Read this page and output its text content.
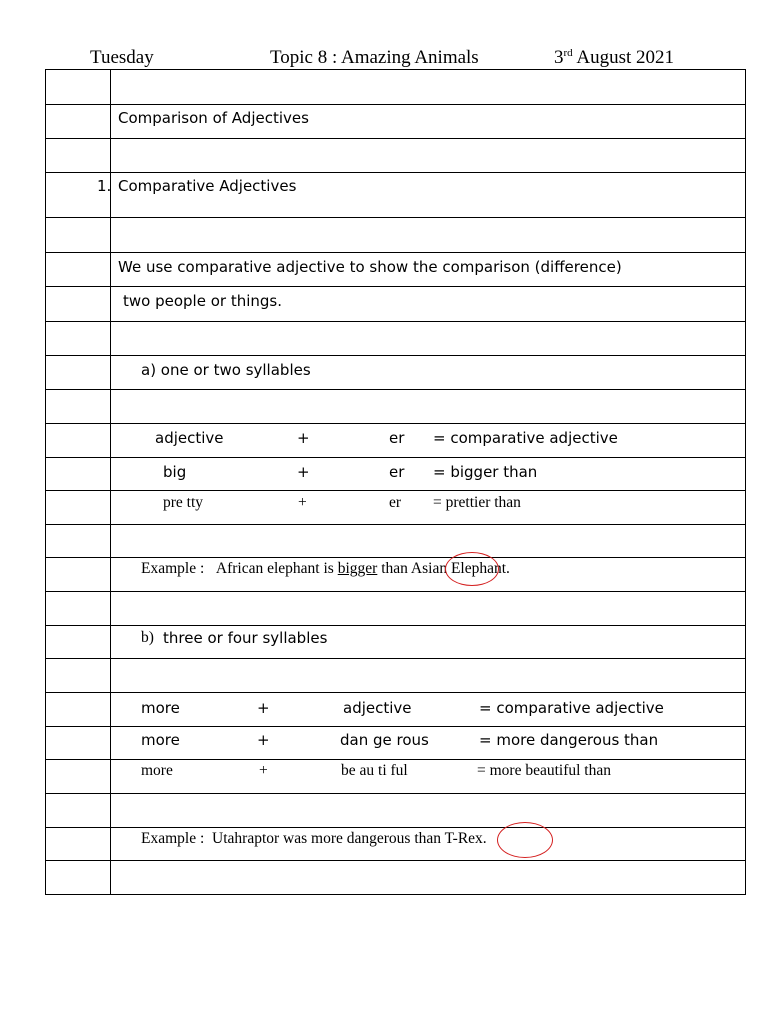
Tuesday	Topic 8 : Amazing Animals	3rd August 2021
Comparison of Adjectives
1. Comparative Adjectives
We use comparative adjective to show the comparison (difference)
two people or things.
a) one or two syllables
adjective	+	er = comparative adjective
big	+	er = bigger than
pre tty	+	er = prettier than
Example : African elephant is bigger than Asian Elephant.
b) three or four syllables
more	+	adjective	= comparative adjective
more	+	dan ge rous	= more dangerous than
more	+	be au ti ful	= more beautiful than
Example : Utahraptor was more dangerous than T-Rex.
